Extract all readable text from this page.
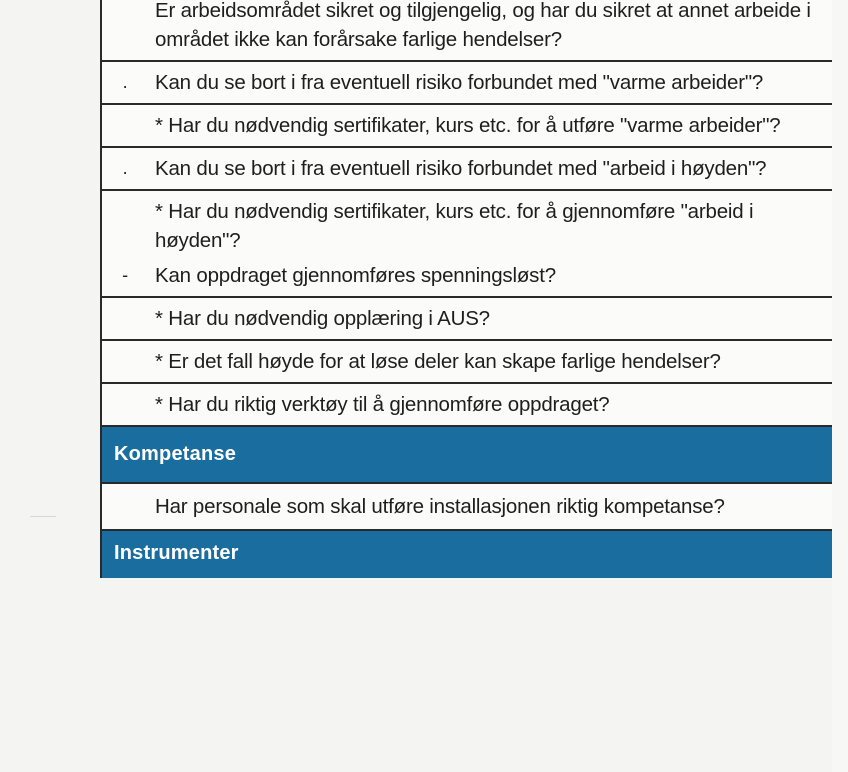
Er arbeidsområdet sikret og tilgjengelig, og har du sikret at annet arbeide i området ikke kan forårsake farlige hendelser?
. Kan du se bort i fra eventuell risiko forbundet med "varme arbeider"?
* Har du nødvendig sertifikater, kurs etc. for å utføre "varme arbeider"?
. Kan du se bort i fra eventuell risiko forbundet med "arbeid i høyden"?
* Har du nødvendig sertifikater, kurs etc. for å gjennomføre "arbeid i høyden"?
- Kan oppdraget gjennomføres spenningsløst?
* Har du nødvendig opplæring i AUS?
* Er det fall høyde for at løse deler kan skape farlige hendelser?
* Har du riktig verktøy til å gjennomføre oppdraget?
Kompetanse
Har personale som skal utføre installasjonen riktig kompetanse?
Instrumenter
